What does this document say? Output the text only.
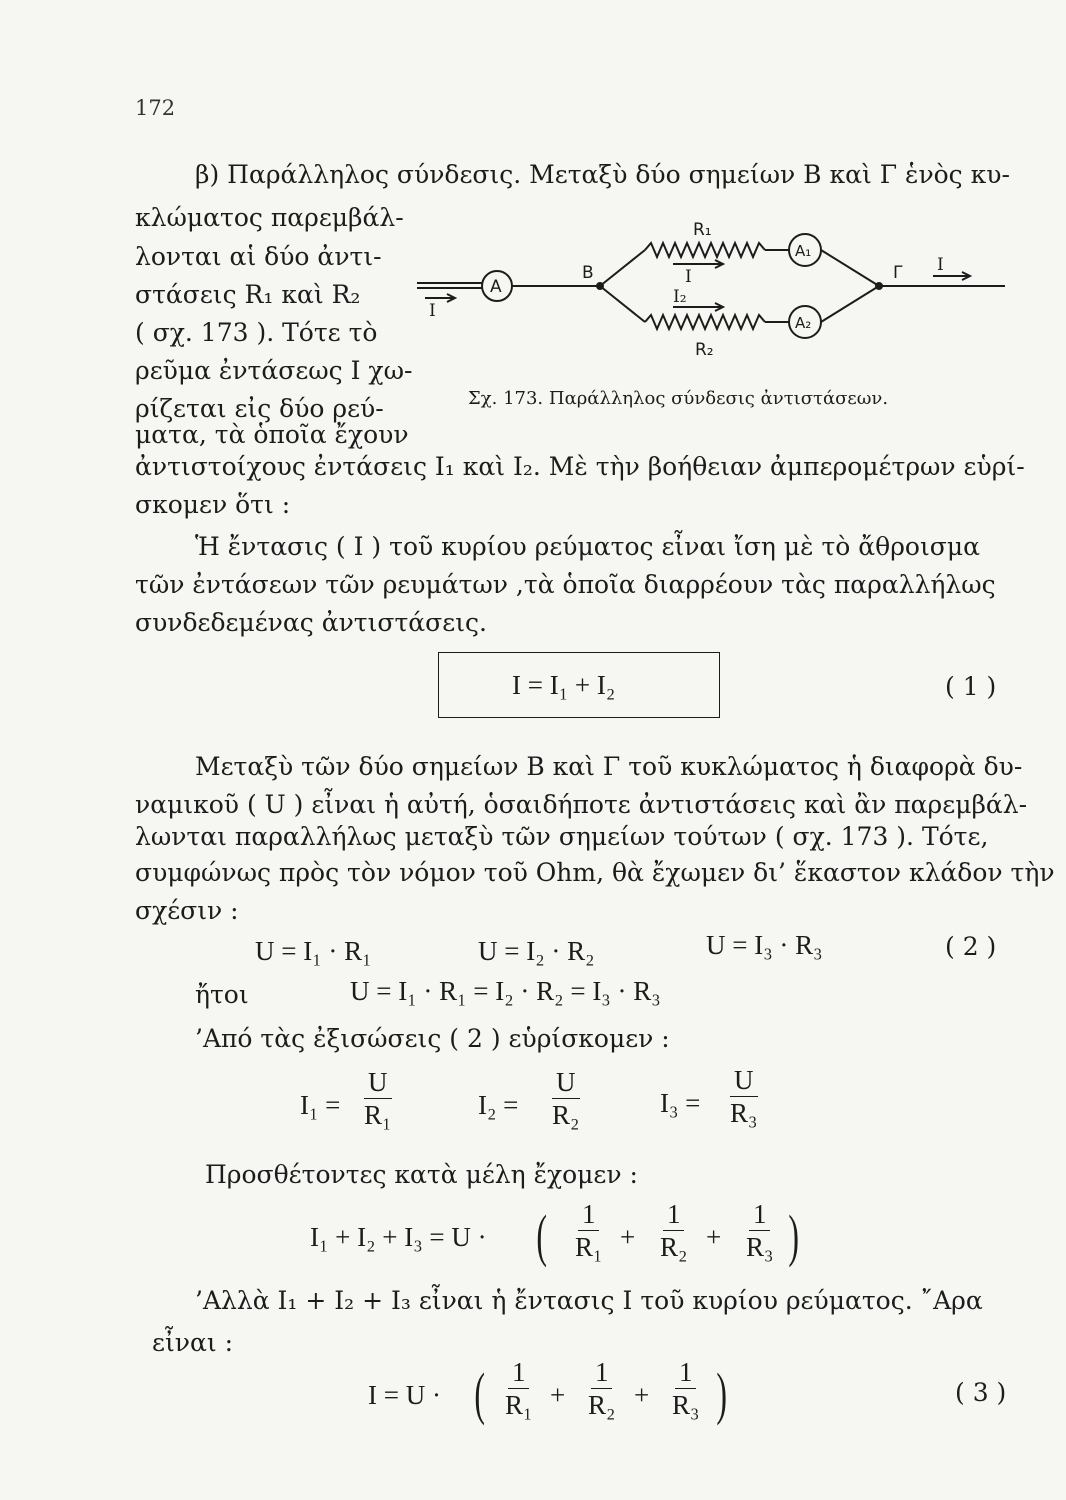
172
β) Παράλληλος σύνδεσις. Μεταξὺ δύο σημείων Β καὶ Γ ἑνὸς κυ-
κλώματος παρεμβάλ-
λονται αἱ δύο ἀντι-
στάσεις R₁ καὶ R₂
( σχ. 173 ). Τότε τὸ
ρεῦμα ἐντάσεως I χω-
ρίζεται εἰς δύο ρεύ-
ματα, τὰ ὁποῖα ἔχουν
ἀντιστοίχους ἐντάσεις I₁ καὶ I₂. Μὲ τὴν βοήθειαν ἀμπερομέτρων εὑρί-
σκομεν ὅτι :
A
A₁
A₂
B	Γ
R₁
R₂
I
I
I₂
I
Σχ. 173. Παράλληλος σύνδεσις ἀντιστάσεων.
Ἡ ἔντασις ( I ) τοῦ κυρίου ρεύματος εἶναι ἴση μὲ τὸ ἄθροισμα
τῶν ἐντάσεων τῶν ρευμάτων ,τὰ ὁποῖα διαρρέουν τὰς παραλλήλως
συνδεδεμένας ἀντιστάσεις.
I = I₁ + I₂	( 1 )
Μεταξὺ τῶν δύο σημείων Β καὶ Γ τοῦ κυκλώματος ἡ διαφορὰ δυ-
ναμικοῦ ( U ) εἶναι ἡ αὐτή, ὁσαιδήποτε ἀντιστάσεις καὶ ἂν παρεμβάλ-
λωνται παραλλήλως μεταξὺ τῶν σημείων τούτων ( σχ. 173 ). Τότε,
συμφώνως πρὸς τὸν νόμον τοῦ Ohm, θὰ ἔχωμεν δι’ ἕκαστον κλάδον τὴν
σχέσιν :
U = I₁ · R₁	U = I₂ · R₂	U = I₃ · R₃	( 2 )
ἤτοι	U = I₁ · R₁ = I₂ · R₂ = I₃ · R₃
’Από τὰς ἐξισώσεις ( 2 ) εὑρίσκομεν :
$I_1 = \frac{U}{\text{R₁}}$	$I_2 = \frac{U}{\text{R₂}}$	$I_3 = \frac{U}{\text{R₃}}$
Προσθέτοντες κατὰ μέλη ἔχομεν :
I₁ + I₂ + I₃ = U · ( $\frac{1}{\text{R₁}} + \frac{1}{\text{R₂}} + \frac{1}{\text{R₃}}$ )
’Αλλὰ I₁ + I₂ + I₃ εἶναι ἡ ἔντασις I τοῦ κυρίου ρεύματος. ῎Αρα
εἶναι :
I = U · ( $\frac{1}{\text{R₁}} + \frac{1}{\text{R₂}} + \frac{1}{\text{R₃}}$ )	( 3 )
